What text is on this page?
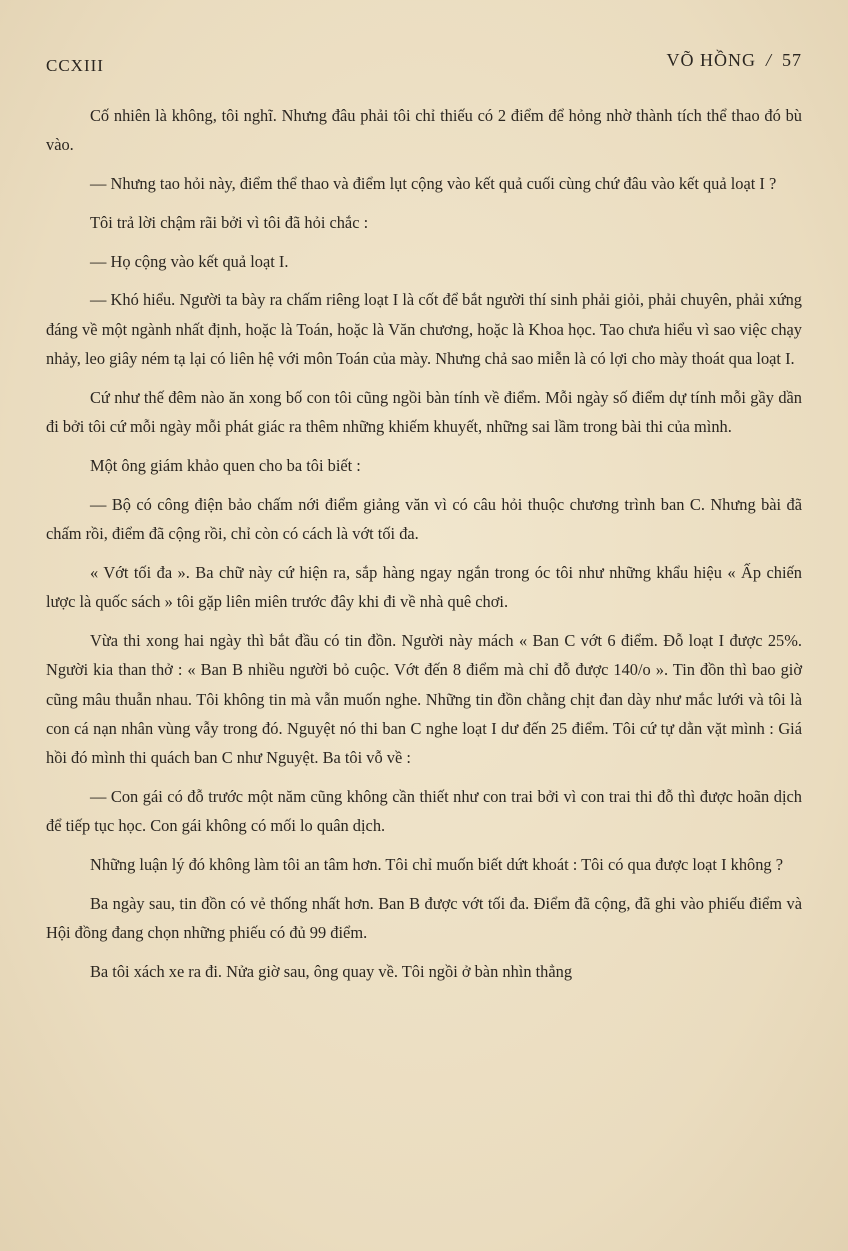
CCXIII	VÕ HỒNG / 57

Cố nhiên là không, tôi nghĩ. Nhưng đâu phải tôi chỉ thiếu có 2 điểm để hỏng nhờ thành tích thể thao đó bù vào.

— Nhưng tao hỏi này, điểm thể thao và điểm lụt cộng vào kết quả cuối cùng chứ đâu vào kết quả loạt I ?

Tôi trả lời chậm rãi bởi vì tôi đã hỏi chắc :

— Họ cộng vào kết quả loạt I.

— Khó hiểu. Người ta bày ra chấm riêng loạt I là cốt để bắt người thí sinh phải giỏi, phải chuyên, phải xứng đáng về một ngành nhất định, hoặc là Toán, hoặc là Văn chương, hoặc là Khoa học. Tao chưa hiểu vì sao việc chạy nhảy, leo giây ném tạ lại có liên hệ với môn Toán của mày. Nhưng chả sao miễn là có lợi cho mày thoát qua loạt I.

Cứ như thế đêm nào ăn xong bố con tôi cũng ngồi bàn tính về điểm. Mỗi ngày số điểm dự tính mỗi gầy dần đi bởi tôi cứ mỗi ngày mỗi phát giác ra thêm những khiếm khuyết, những sai lầm trong bài thi của mình.

Một ông giám khảo quen cho ba tôi biết :

— Bộ có công điện bảo chấm nới điểm giảng văn vì có câu hỏi thuộc chương trình ban C. Nhưng bài đã chấm rồi, điểm đã cộng rồi, chỉ còn có cách là vớt tối đa.

« Vớt tối đa ». Ba chữ này cứ hiện ra, sắp hàng ngay ngắn trong óc tôi như những khẩu hiệu « Ấp chiến lược là quốc sách » tôi gặp liên miên trước đây khi đi về nhà quê chơi.

Vừa thi xong hai ngày thì bắt đầu có tin đồn. Người này mách « Ban C vớt 6 điểm. Đỗ loạt I được 25%. Người kia than thở : « Ban B nhiều người bỏ cuộc. Vớt đến 8 điểm mà chỉ đỗ được 140/o ». Tin đồn thì bao giờ cũng mâu thuẫn nhau. Tôi không tin mà vẫn muốn nghe. Những tin đồn chằng chịt đan dày như mắc lưới và tôi là con cá nạn nhân vùng vẫy trong đó. Nguyệt nó thi ban C nghe loạt I dư đến 25 điểm. Tôi cứ tự dằn vặt mình : Giá hồi đó mình thi quách ban C như Nguyệt. Ba tôi vỗ về :

— Con gái có đỗ trước một năm cũng không cần thiết như con trai bởi vì con trai thi đỗ thì được hoãn dịch để tiếp tục học. Con gái không có mối lo quân dịch.

Những luận lý đó không làm tôi an tâm hơn. Tôi chỉ muốn biết dứt khoát : Tôi có qua được loạt I không ?

Ba ngày sau, tin đồn có vẻ thống nhất hơn. Ban B được vớt tối đa. Điểm đã cộng, đã ghi vào phiếu điểm và Hội đồng đang chọn những phiếu có đủ 99 điểm.

Ba tôi xách xe ra đi. Nửa giờ sau, ông quay về. Tôi ngồi ở bàn nhìn thẳng
